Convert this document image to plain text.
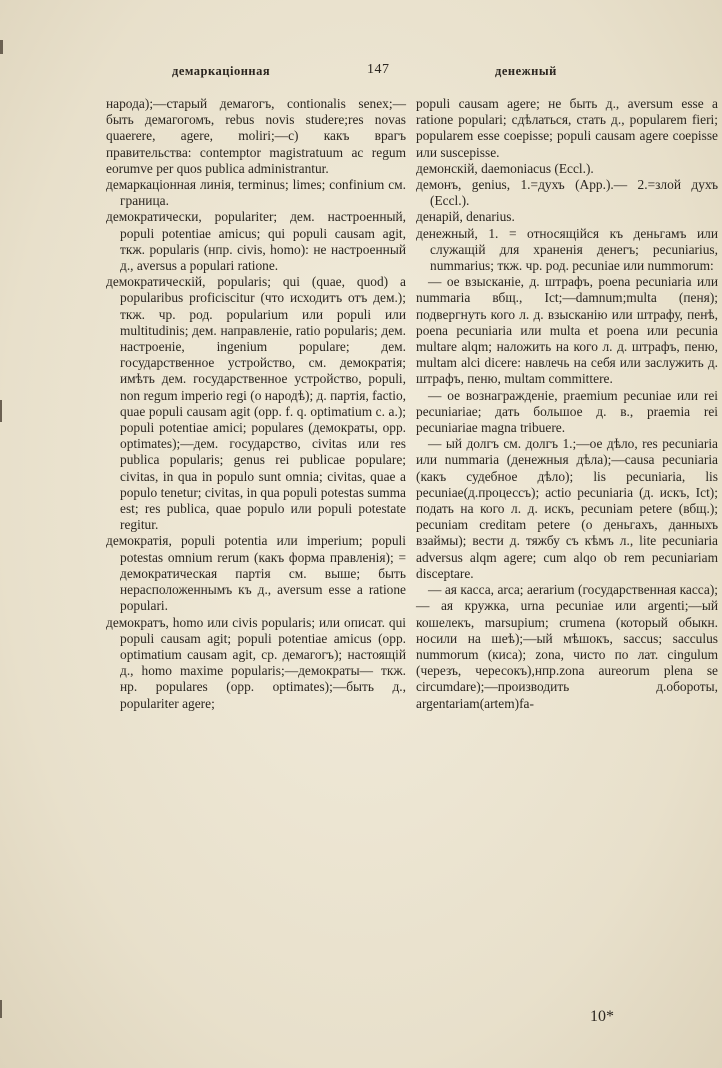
демаркаціонная	147	денежный

народа);—старый демагогъ, contionalis senex;—быть демагогомъ, rebus novis studere;res novas quaerere, agere, moliri;—c) какъ врагъ правительства: contemptor magistratuum ac regum eorumve per quos publica administrantur.

демаркаціонная линія, terminus; limes; confinium см. граница.

демократически, populariter; дем. настроенный, populi potentiae amicus; qui populi causam agit, ткж. popularis (нпр. civis, homo): не настроенный д., aversus a populari ratione.

демократическій, popularis; qui (quae, quod) a popularibus proficiscitur (что исходитъ отъ дем.); ткж. чр. род. popularium или populi или multitudinis; дем. направленіе, ratio popularis; дем. настроеніе, ingenium populare; дем. государственное устройство, см. демократія; имѣть дем. государственное устройство, populi, non regum imperio regi (о народѣ); д. партія, factio, quae populi causam agit (opp. f. q. optimatium c. a.); populi potentiae amici; populares (демократы, opp. optimates);—дем. государство, civitas или res publica popularis; genus rei publicae populare; civitas, in qua in populo sunt omnia; civitas, quae a populo tenetur; civitas, in qua populi potestas summa est; res publica, quae populo или populi potestate regitur.

демократія, populi potentia или imperium; populi potestas omnium rerum (какъ форма правленія); = демократическая партія см. выше; быть нерасположеннымъ къ д., aversum esse a ratione populari.

демократъ, homo или civis popularis; или описат. qui populi causam agit; populi potentiae amicus (opp. optimatium causam agit, ср. демагогъ); настоящій д., homo maxime popularis;—демократы— ткж. нр. populares (opp. optimates);—быть д., populariter agere;

populi causam agere; не быть д., aversum esse a ratione populari; сдѣлаться, стать д., popularem fieri; popularem esse coepisse; populi causam agere coepisse или suscepisse.

демонскій, daemoniacus (Eccl.).

демонъ, genius, 1.=духъ (App.).— 2.=злой духъ (Eccl.).

денарій, denarius.

денежный, 1. = относящійся къ деньгамъ или служащій для храненія денегъ; pecuniarius, nummarius; ткж. чр. род. pecuniae или nummorum:

— ое взысканіе, д. штрафъ, poena pecuniaria или nummaria вбщ., Ict;—damnum;multa (пеня); подвергнуть кого л. д. взысканію или штрафу, пенѣ, poena pecuniaria или multa et poena или pecunia multare alqm; наложить на кого л. д. штрафъ, пеню, multam alci dicere: навлечь на себя или заслужить д. штрафъ, пеню, multam committere.

— ое вознагражденіе, praemium pecuniae или rei pecuniariae; дать большое д. в., praemia rei pecuniariae magna tribuere.

— ый долгъ см. долгъ 1.;—ое дѣло, res pecuniaria или nummaria (денежныя дѣла);—causa pecuniaria (какъ судебное дѣло); lis pecuniaria, lis pecuniae(д.процессъ); actio pecuniaria (д. искъ, Ict); подать на кого л. д. искъ, pecuniam petere (вбщ.); pecuniam creditam petere (о деньгахъ, данныхъ взаймы); вести д. тяжбу съ кѣмъ л., lite pecuniaria adversus alqm agere; cum alqo ob rem pecuniariam disceptare.

— ая касса, arca; aerarium (государственная касса); — ая кружка, urna pecuniae или argenti;—ый кошелекъ, marsupium; crumena (который обыкн. носили на шеѣ);—ый мѣшокъ, saccus; sacculus nummorum (киса); zona, чисто по лат. cingulum (черезъ, чересокъ),нпр.zona aureorum plena se circumdare);—производить д.обороты, argentariam(artem)fa-

10*
